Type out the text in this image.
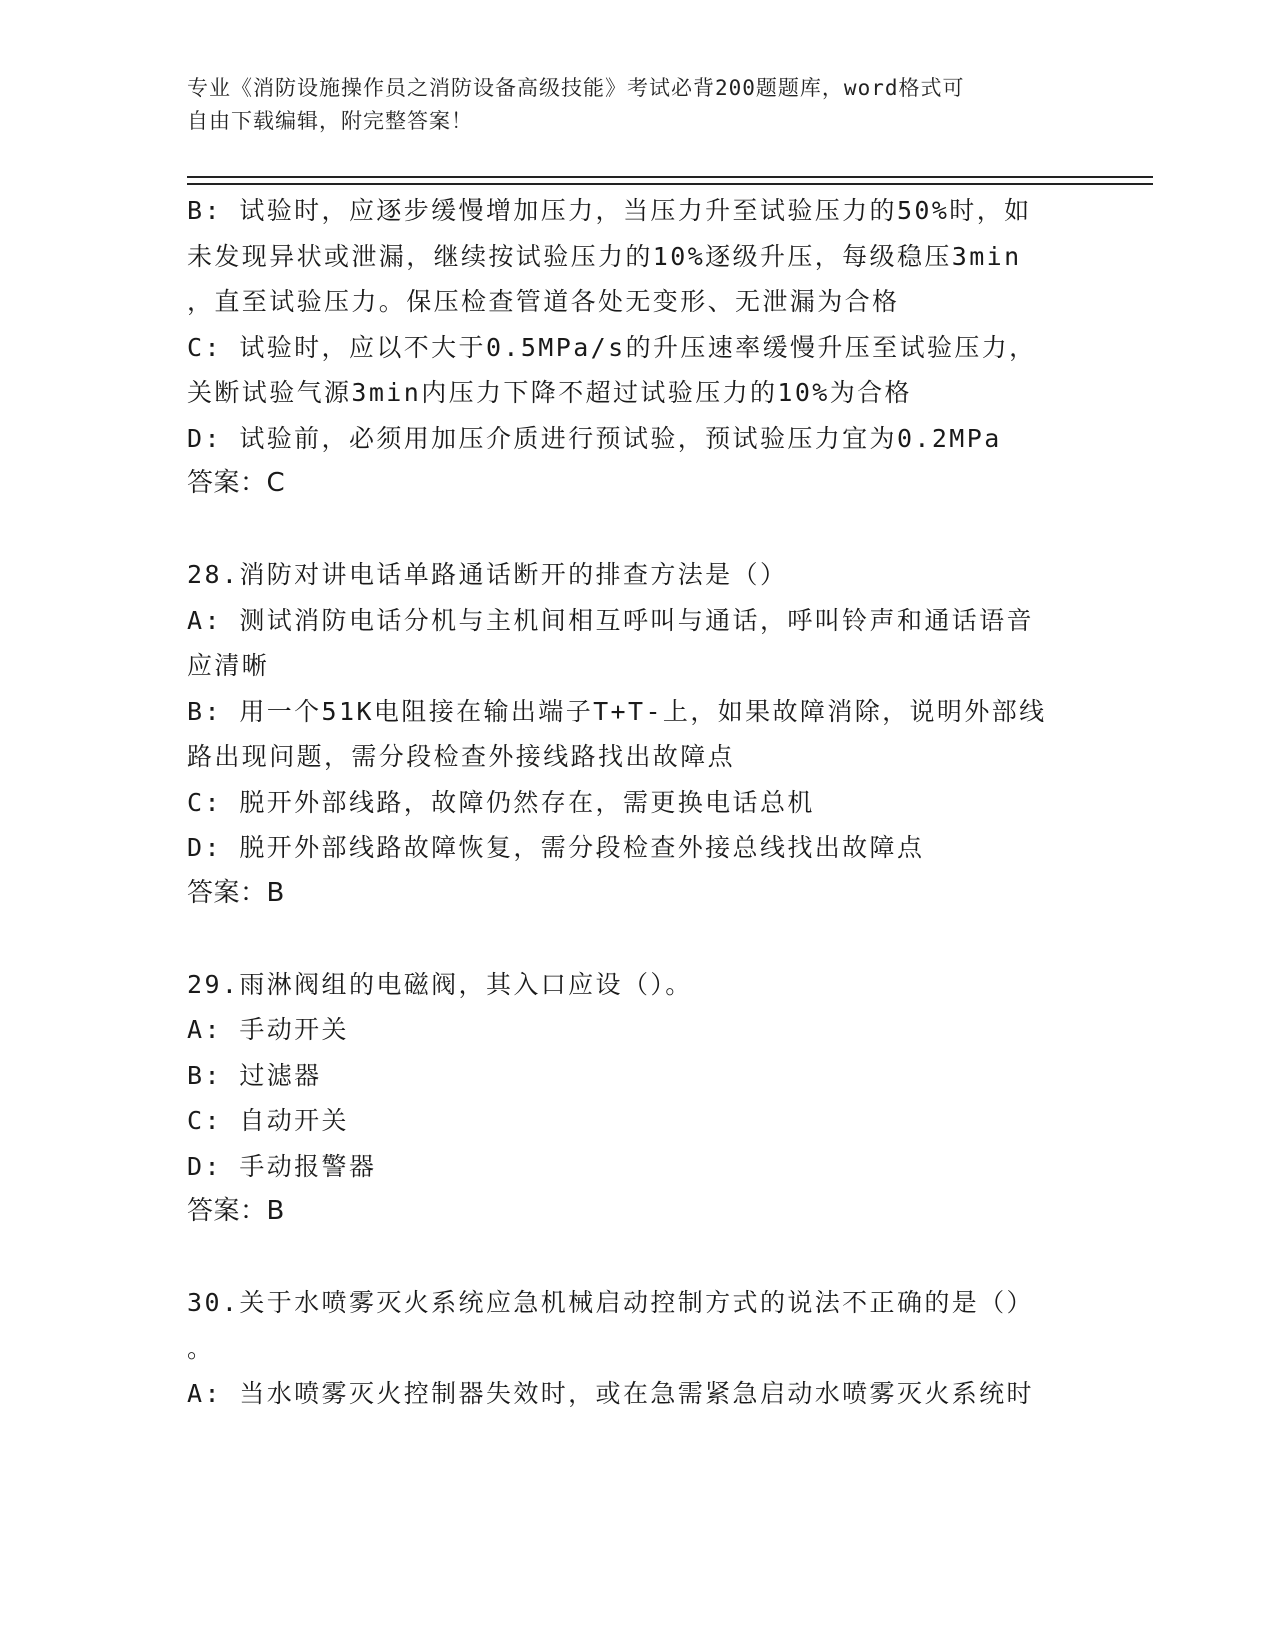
专业《消防设施操作员之消防设备高级技能》考试必背200题题库，word格式可
自由下载编辑，附完整答案！
B: 试验时，应逐步缓慢增加压力，当压力升至试验压力的50%时，如
未发现异状或泄漏，继续按试验压力的10%逐级升压，每级稳压3min
，直至试验压力。保压检查管道各处无变形、无泄漏为合格
C: 试验时，应以不大于0.5MPa/s的升压速率缓慢升压至试验压力，
关断试验气源3min内压力下降不超过试验压力的10%为合格
D: 试验前，必须用加压介质进行预试验，预试验压力宜为0.2MPa
答案：C
28.消防对讲电话单路通话断开的排查方法是（）
A: 测试消防电话分机与主机间相互呼叫与通话，呼叫铃声和通话语音
应清晰
B: 用一个51K电阻接在输出端子T+T-上，如果故障消除，说明外部线
路出现问题，需分段检查外接线路找出故障点
C: 脱开外部线路，故障仍然存在，需更换电话总机
D: 脱开外部线路故障恢复，需分段检查外接总线找出故障点
答案：B
29.雨淋阀组的电磁阀，其入口应设（）。
A: 手动开关
B: 过滤器
C: 自动开关
D: 手动报警器
答案：B
30.关于水喷雾灭火系统应急机械启动控制方式的说法不正确的是（）
。
A: 当水喷雾灭火控制器失效时，或在急需紧急启动水喷雾灭火系统时
